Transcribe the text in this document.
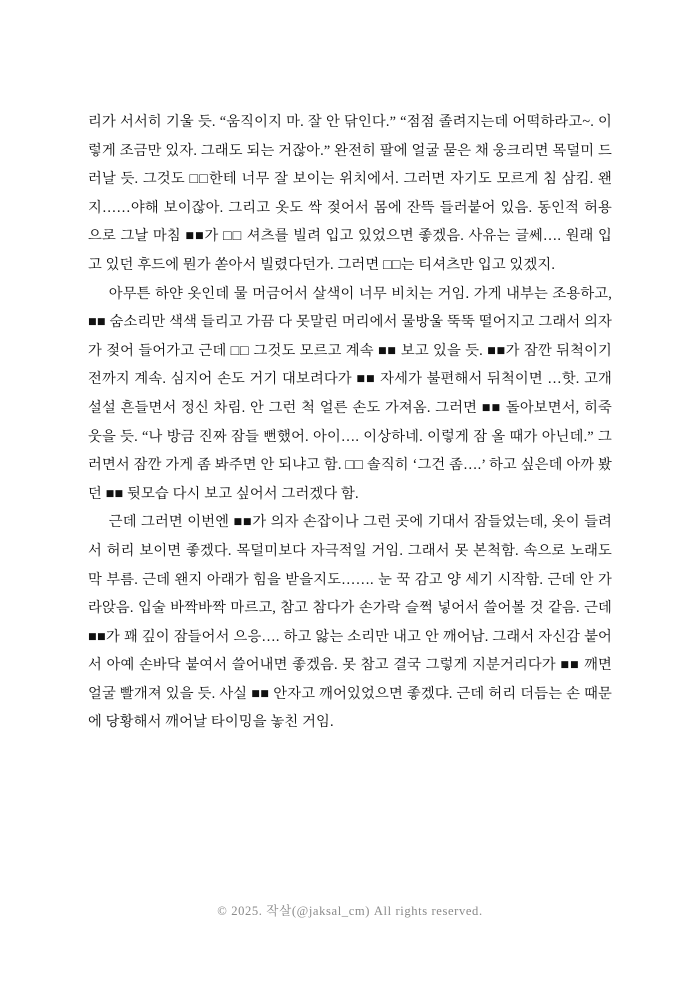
리가 서서히 기울 듯. “움직이지 마. 잘 안 닦인다.” “점점 졸려지는데 어떡하라고~. 이렇게 조금만 있자. 그래도 되는 거잖아.” 완전히 팔에 얼굴 묻은 채 웅크리면 목덜미 드러날 듯. 그것도 □□한테 너무 잘 보이는 위치에서. 그러면 자기도 모르게 침 삼킴. 왠지……야해 보이잖아. 그리고 옷도 싹 젖어서 몸에 잔뜩 들러붙어 있음. 동인적 허용으로 그날 마침 ■■가 □□ 셔츠를 빌려 입고 있었으면 좋겠음. 사유는 글쎄…. 원래 입고 있던 후드에 뭔가 쏟아서 빌렸다던가. 그러면 □□는 티셔츠만 입고 있겠지.

아무튼 하얀 옷인데 물 머금어서 살색이 너무 비치는 거임. 가게 내부는 조용하고, ■■ 숨소리만 색색 들리고 가끔 다 못말린 머리에서 물방울 뚝뚝 떨어지고 그래서 의자가 젖어 들어가고 근데 □□ 그것도 모르고 계속 ■■ 보고 있을 듯. ■■가 잠깐 뒤척이기 전까지 계속. 심지어 손도 거기 대보려다가 ■■ 자세가 불편해서 뒤척이면 …핫. 고개 설설 흔들면서 정신 차림. 안 그런 척 얼른 손도 가져옴. 그러면 ■■ 돌아보면서, 히죽 웃을 듯. “나 방금 진짜 잠들 뻔했어. 아이…. 이상하네. 이렇게 잠 올 때가 아닌데.” 그러면서 잠깐 가게 좀 봐주면 안 되냐고 함. □□ 솔직히 ‘그건 좀….’ 하고 싶은데 아까 봤던 ■■ 뒷모습 다시 보고 싶어서 그러겠다 함.

근데 그러면 이번엔 ■■가 의자 손잡이나 그런 곳에 기대서 잠들었는데, 옷이 들려서 허리 보이면 좋겠다. 목덜미보다 자극적일 거임. 그래서 못 본척함. 속으로 노래도 막 부름. 근데 왠지 아래가 힘을 받을지도……. 눈 꾹 감고 양 세기 시작함. 근데 안 가라앉음. 입술 바짝바짝 마르고, 참고 참다가 손가락 슬쩍 넣어서 쓸어볼 것 같음. 근데 ■■가 꽤 깊이 잠들어서 으응…. 하고 앓는 소리만 내고 안 깨어남. 그래서 자신감 붙어서 아예 손바닥 붙여서 쓸어내면 좋겠음. 못 참고 결국 그렇게 지분거리다가 ■■ 깨면 얼굴 빨개져 있을 듯. 사실 ■■ 안자고 깨어있었으면 좋겠댜. 근데 허리 더듬는 손 때문에 당황해서 깨어날 타이밍을 놓친 거임.

© 2025. 작살(@jaksal_cm) All rights reserved.
